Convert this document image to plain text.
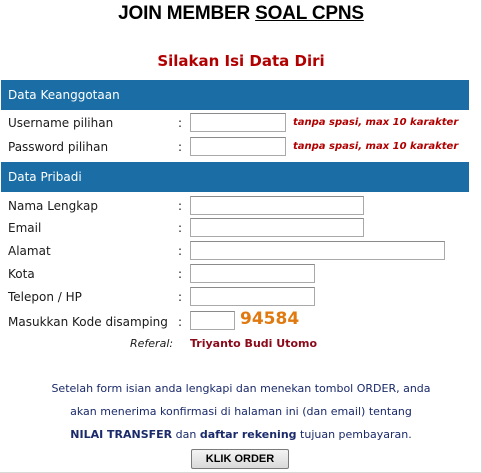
JOIN MEMBER SOAL CPNS
Silakan Isi Data Diri
Data Keanggotaan
Username pilihan	:	tanpa spasi, max 10 karakter
Password pilihan	:	tanpa spasi, max 10 karakter
Data Pribadi
Nama Lengkap	:
Email	:
Alamat	:
Kota	:
Telepon / HP	:
Masukkan Kode disamping :	94584
Referal: Triyanto Budi Utomo
Setelah form isian anda lengkapi dan menekan tombol ORDER, anda
akan menerima konfirmasi di halaman ini (dan email) tentang
NILAI TRANSFER dan daftar rekening tujuan pembayaran.
KLIK ORDER
